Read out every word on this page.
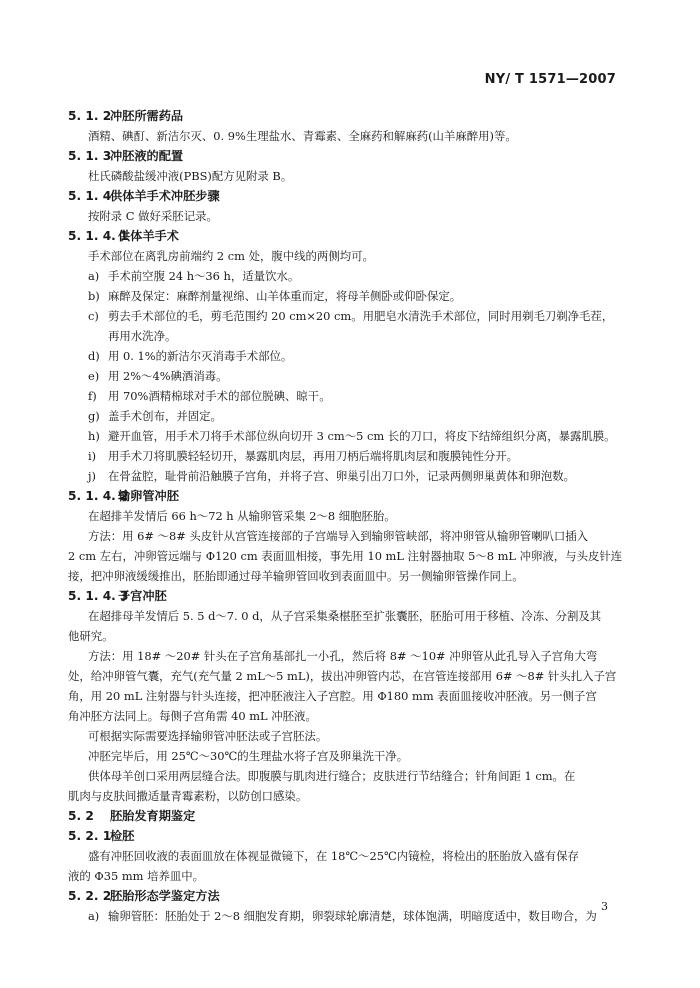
NY/ T 1571—2007
5. 1. 2冲胚所需药品
酒精、碘酊、新洁尔灭、0. 9%生理盐水、青霉素、全麻药和解麻药(山羊麻醉用)等。
5. 1. 3冲胚液的配置
杜氏磷酸盐缓冲液(PBS)配方见附录 B。
5. 1. 4供体羊手术冲胚步骤
按附录 C 做好采胚记录。
5. 1. 4. 1供体羊手术
手术部位在离乳房前端约 2 cm 处，腹中线的两侧均可。
a) 手术前空腹 24 h～36 h，适量饮水。
b) 麻醉及保定：麻醉剂量视绵、山羊体重而定，将母羊侧卧或仰卧保定。
c) 剪去手术部位的毛，剪毛范围约 20 cm×20 cm。用肥皂水清洗手术部位，同时用剃毛刀剃净毛茬，再用水洗净。
d) 用 0. 1%的新洁尔灭消毒手术部位。
e) 用 2%～4%碘酒消毒。
f) 用 70%酒精棉球对手术的部位脱碘、晾干。
g) 盖手术创布，并固定。
h) 避开血管，用手术刀将手术部位纵向切开 3 cm～5 cm 长的刀口，将皮下结缔组织分离，暴露肌膜。
i)	用手术刀将肌膜轻轻切开，暴露肌肉层，再用刀柄后端将肌肉层和腹膜钝性分开。
j)	在骨盆腔，耻骨前沿触膜子宫角，并将子宫、卵巢引出刀口外，记录两侧卵巢黄体和卵泡数。
5. 1. 4. 2输卵管冲胚
在超排羊发情后 66 h～72 h 从输卵管采集 2～8 细胞胚胎。
方法：用 6# ～8# 头皮针从宫管连接部的子宫端导入到输卵管峡部，将冲卵管从输卵管喇叭口插入
2 cm 左右，冲卵管远端与 Φ120 cm 表面皿相接，事先用 10 mL 注射器抽取 5～8 mL 冲卵液，与头皮针连
接，把冲卵液缓缓推出，胚胎即通过母羊输卵管回收到表面皿中。另一侧输卵管操作同上。
5. 1. 4. 3子宫冲胚
在超排母羊发情后 5. 5 d～7. 0 d，从子宫采集桑椹胚至扩张囊胚，胚胎可用于移植、冷冻、分割及其
他研究。
方法：用 18# ～20# 针头在子宫角基部扎一小孔，然后将 8# ～10# 冲卵管从此孔导入子宫角大弯
处，给冲卵管气囊，充气(充气量 2 mL～5 mL)，拔出冲卵管内芯，在宫管连接部用 6# ～8# 针头扎入子宫
角，用 20 mL 注射器与针头连接，把冲胚液注入子宫腔。用 Φ180 mm 表面皿接收冲胚液。另一侧子宫
角冲胚方法同上。每侧子宫角需 40 mL 冲胚液。
可根据实际需要选择输卵管冲胚法或子宫胚法。
冲胚完毕后，用 25℃～30℃的生理盐水将子宫及卵巢洗干净。
供体母羊创口采用两层缝合法。即腹膜与肌肉进行缝合；皮肤进行节结缝合；针角间距 1 cm。在
肌肉与皮肤间撒适量青霉素粉，以防创口感染。
5. 2 胚胎发育期鉴定
5. 2. 1检胚
盛有冲胚回收液的表面皿放在体视显微镜下，在 18℃～25℃内镜检，将检出的胚胎放入盛有保存
液的 Φ35 mm 培养皿中。
5. 2. 2胚胎形态学鉴定方法
a) 输卵管胚：胚胎处于 2～8 细胞发育期，卵裂球轮廓清楚，球体饱满，明暗度适中，数目吻合，为
3
